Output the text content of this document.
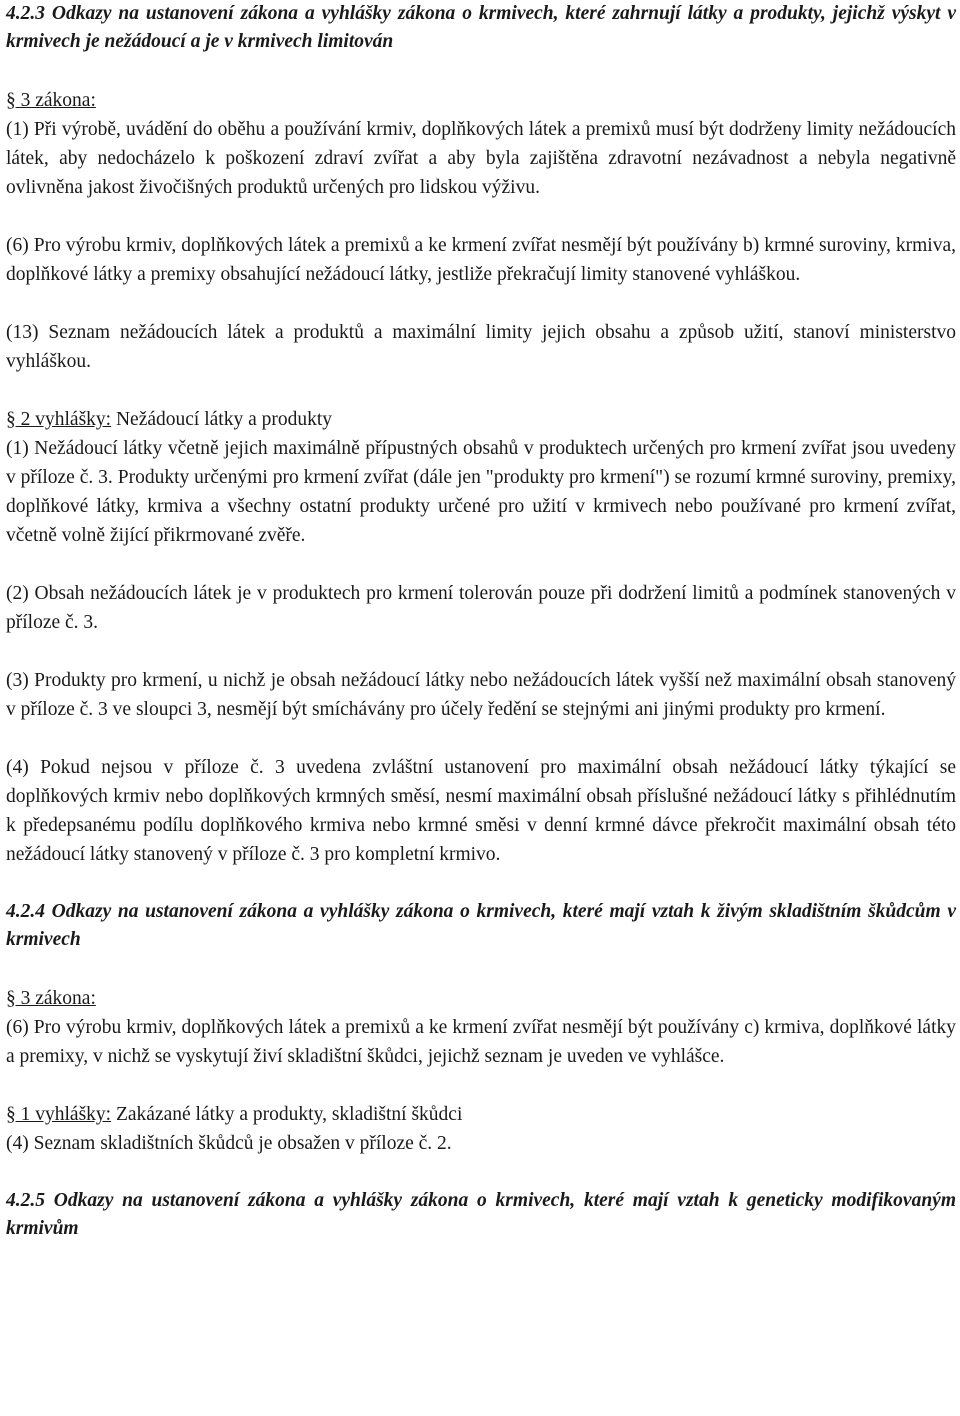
4.2.3 Odkazy na ustanovení zákona a vyhlášky zákona o krmivech, které zahrnují látky a produkty, jejichž výskyt v krmivech je nežádoucí a je v krmivech limitován

§ 3 zákona:

(1) Při výrobě, uvádění do oběhu a používání krmiv, doplňkových látek a premixů musí být dodrženy limity nežádoucích látek, aby nedocházelo k poškození zdraví zvířat a aby byla zajištěna zdravotní nezávadnost a nebyla negativně ovlivněna jakost živočišných produktů určených pro lidskou výživu.

(6) Pro výrobu krmiv, doplňkových látek a premixů a ke krmení zvířat nesmějí být používány b) krmné suroviny, krmiva, doplňkové látky a premixy obsahující nežádoucí látky, jestliže překračují limity stanovené vyhláškou.

(13) Seznam nežádoucích látek a produktů a maximální limity jejich obsahu a způsob užití, stanoví ministerstvo vyhláškou.

§ 2 vyhlášky: Nežádoucí látky a produkty

(1) Nežádoucí látky včetně jejich maximálně přípustných obsahů v produktech určených pro krmení zvířat jsou uvedeny v příloze č. 3. Produkty určenými pro krmení zvířat (dále jen "produkty pro krmení") se rozumí krmné suroviny, premixy, doplňkové látky, krmiva a všechny ostatní produkty určené pro užití v krmivech nebo používané pro krmení zvířat, včetně volně žijící přikrmované zvěře.

(2) Obsah nežádoucích látek je v produktech pro krmení tolerován pouze při dodržení limitů a podmínek stanovených v příloze č. 3.

(3) Produkty pro krmení, u nichž je obsah nežádoucí látky nebo nežádoucích látek vyšší než maximální obsah stanovený v příloze č. 3 ve sloupci 3, nesmějí být smíchávány pro účely ředění se stejnými ani jinými produkty pro krmení.

(4) Pokud nejsou v příloze č. 3 uvedena zvláštní ustanovení pro maximální obsah nežádoucí látky týkající se doplňkových krmiv nebo doplňkových krmných směsí, nesmí maximální obsah příslušné nežádoucí látky s přihlédnutím k předepsanému podílu doplňkového krmiva nebo krmné směsi v denní krmné dávce překročit maximální obsah této nežádoucí látky stanovený v příloze č. 3 pro kompletní krmivo.

4.2.4 Odkazy na ustanovení zákona a vyhlášky zákona o krmivech, které mají vztah k živým skladištním škůdcům v krmivech

§ 3 zákona:

(6) Pro výrobu krmiv, doplňkových látek a premixů a ke krmení zvířat nesmějí být používány c) krmiva, doplňkové látky a premixy, v nichž se vyskytují živí skladištní škůdci, jejichž seznam je uveden ve vyhlášce.

§ 1 vyhlášky: Zakázané látky a produkty, skladištní škůdci

(4) Seznam skladištních škůdců je obsažen v příloze č. 2.

4.2.5 Odkazy na ustanovení zákona a vyhlášky zákona o krmivech, které mají vztah k geneticky modifikovaným krmivům
